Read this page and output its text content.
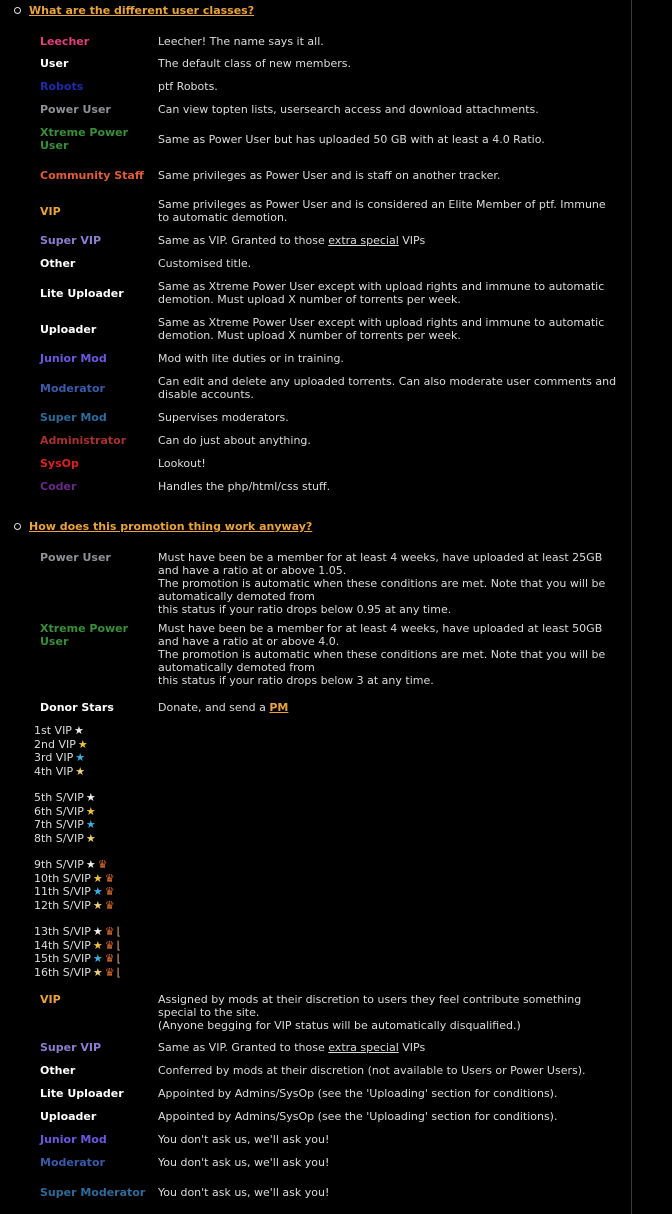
What are the different user classes?
Leecher	Leecher! The name says it all.
User	The default class of new members.
Robots	ptf Robots.
Power User	Can view topten lists, usersearch access and download attachments.
Xtreme Power User	Same as Power User but has uploaded 50 GB with at least a 4.0 Ratio.
Community Staff	Same privileges as Power User and is staff on another tracker.
VIP	Same privileges as Power User and is considered an Elite Member of ptf. Immune to automatic demotion.
Super VIP	Same as VIP. Granted to those extra special VIPs
Other	Customised title.
Lite Uploader	Same as Xtreme Power User except with upload rights and immune to automatic demotion. Must upload X number of torrents per week.
Uploader	Same as Xtreme Power User except with upload rights and immune to automatic demotion. Must upload X number of torrents per week.
Junior Mod	Mod with lite duties or in training.
Moderator	Can edit and delete any uploaded torrents. Can also moderate user comments and disable accounts.
Super Mod	Supervises moderators.
Administrator	Can do just about anything.
SysOp	Lookout!
Coder	Handles the php/html/css stuff.
How does this promotion thing work anyway?
Power User	Must have been be a member for at least 4 weeks, have uploaded at least 25GB and have a ratio at or above 1.05.
The promotion is automatic when these conditions are met. Note that you will be automatically demoted from
this status if your ratio drops below 0.95 at any time.

Xtreme Power User	Must have been be a member for at least 4 weeks, have uploaded at least 50GB and have a ratio at or above 4.0.
The promotion is automatic when these conditions are met. Note that you will be automatically demoted from
this status if your ratio drops below 3 at any time.

Donor Stars	Donate, and send a PM
1st VIP ★
2nd VIP ★
3rd VIP ★
4th VIP ★
5th S/VIP ★
6th S/VIP ★
7th S/VIP ★
8th S/VIP ★
9th S/VIP ★ ♛
10th S/VIP ★ ♛
11th S/VIP ★ ♛
12th S/VIP ★ ♛
13th S/VIP ★ ♛ ⌊
14th S/VIP ★ ♛ ⌊
15th S/VIP ★ ♛ ⌊
16th S/VIP ★ ♛ ⌊
VIP	Assigned by mods at their discretion to users they feel contribute something special to the site.
(Anyone begging for VIP status will be automatically disqualified.)
Super VIP	Same as VIP. Granted to those extra special VIPs
Other	Conferred by mods at their discretion (not available to Users or Power Users).
Lite Uploader	Appointed by Admins/SysOp (see the 'Uploading' section for conditions).
Uploader	Appointed by Admins/SysOp (see the 'Uploading' section for conditions).
Junior Mod	You don't ask us, we'll ask you!
Moderator	You don't ask us, we'll ask you!
Super Moderator	You don't ask us, we'll ask you!
